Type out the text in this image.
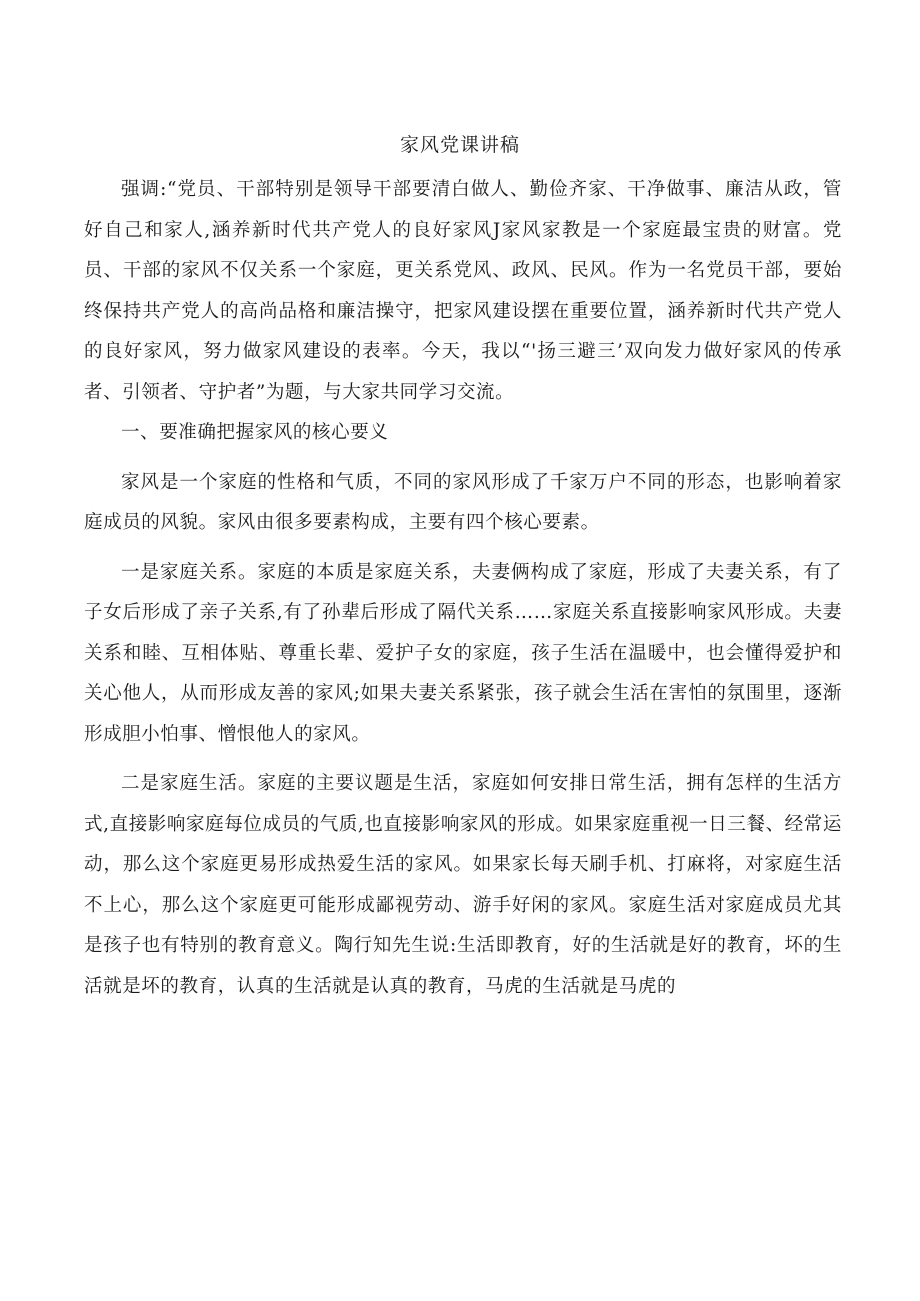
家风党课讲稿

强调:“党员、干部特别是领导干部要清白做人、勤俭齐家、干净做事、廉洁从政，管好自己和家人,涵养新时代共产党人的良好家风J家风家教是一个家庭最宝贵的财富。党员、干部的家风不仅关系一个家庭，更关系党风、政风、民风。作为一名党员干部，要始终保持共产党人的高尚品格和廉洁操守，把家风建设摆在重要位置，涵养新时代共产党人的良好家风，努力做家风建设的表率。今天，我以“'扬三避三’双向发力做好家风的传承者、引领者、守护者”为题，与大家共同学习交流。

一、要准确把握家风的核心要义

家风是一个家庭的性格和气质，不同的家风形成了千家万户不同的形态，也影响着家庭成员的风貌。家风由很多要素构成，主要有四个核心要素。

一是家庭关系。家庭的本质是家庭关系，夫妻俩构成了家庭，形成了夫妻关系，有了子女后形成了亲子关系,有了孙辈后形成了隔代关系……家庭关系直接影响家风形成。夫妻关系和睦、互相体贴、尊重长辈、爱护子女的家庭，孩子生活在温暖中，也会懂得爱护和关心他人，从而形成友善的家风;如果夫妻关系紧张，孩子就会生活在害怕的氛围里，逐渐形成胆小怕事、憎恨他人的家风。

二是家庭生活。家庭的主要议题是生活，家庭如何安排日常生活，拥有怎样的生活方式,直接影响家庭每位成员的气质,也直接影响家风的形成。如果家庭重视一日三餐、经常运动，那么这个家庭更易形成热爱生活的家风。如果家长每天刷手机、打麻将，对家庭生活不上心，那么这个家庭更可能形成鄙视劳动、游手好闲的家风。家庭生活对家庭成员尤其是孩子也有特别的教育意义。陶行知先生说:生活即教育，好的生活就是好的教育，坏的生活就是坏的教育，认真的生活就是认真的教育，马虎的生活就是马虎的
